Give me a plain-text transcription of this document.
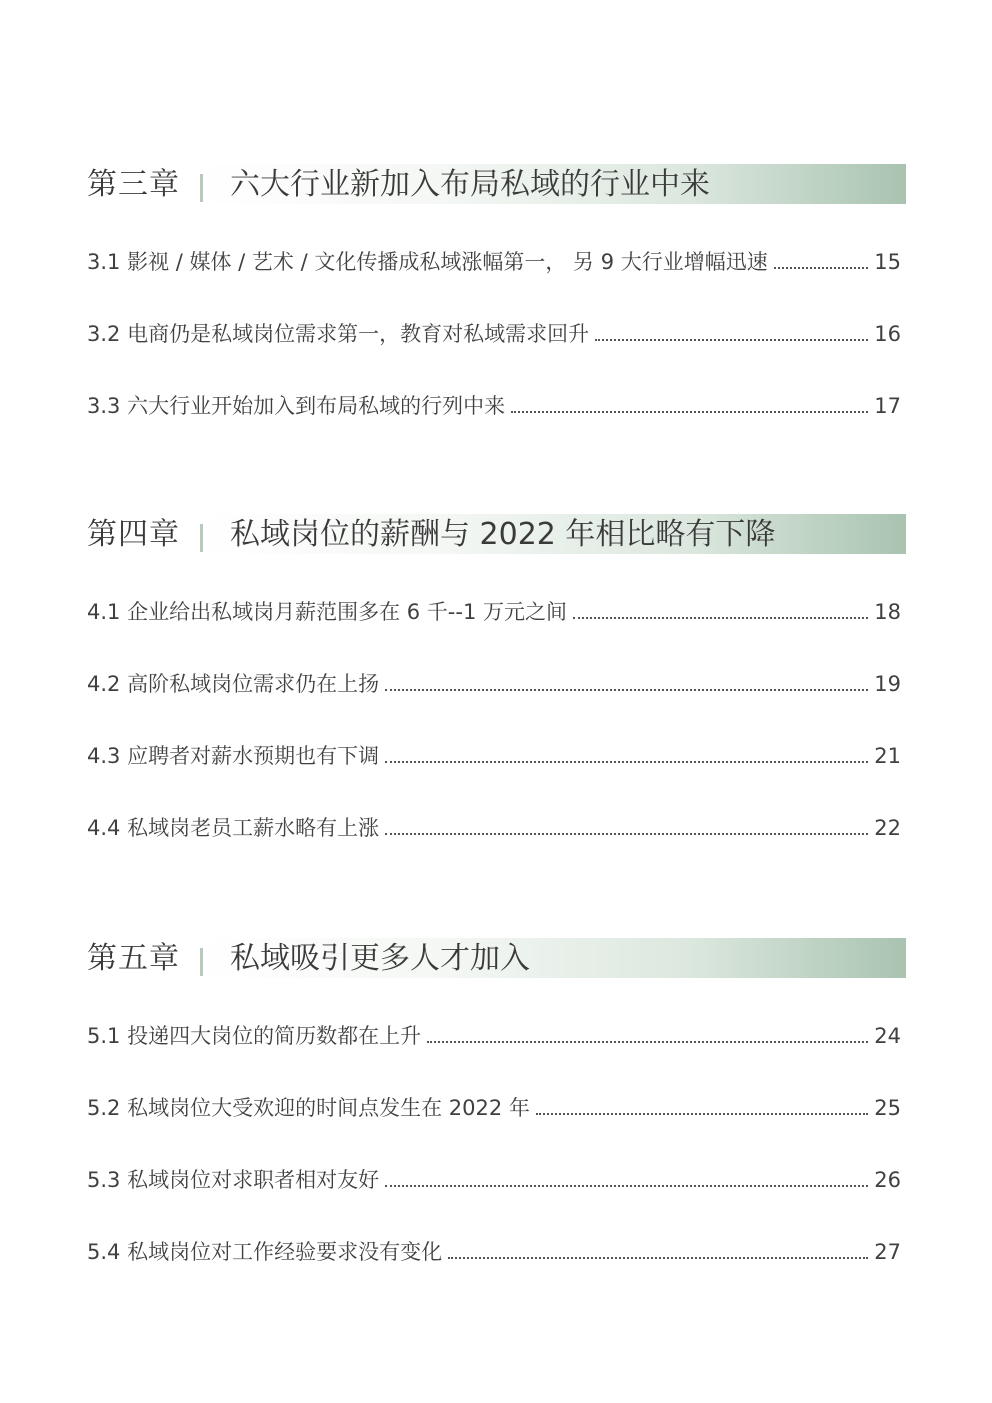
第三章 六大行业新加入布局私域的行业中来
3.1 影视 / 媒体 / 艺术 / 文化传播成私域涨幅第一， 另 9 大行业增幅迅速	15
3.2 电商仍是私域岗位需求第一，教育对私域需求回升	16
3.3 六大行业开始加入到布局私域的行列中来	17
第四章 私域岗位的薪酬与 2022 年相比略有下降
4.1 企业给出私域岗月薪范围多在 6 千--1 万元之间	18
4.2 高阶私域岗位需求仍在上扬	19
4.3 应聘者对薪水预期也有下调	21
4.4 私域岗老员工薪水略有上涨	22
第五章 私域吸引更多人才加入
5.1 投递四大岗位的简历数都在上升	24
5.2 私域岗位大受欢迎的时间点发生在 2022 年	25
5.3 私域岗位对求职者相对友好	26
5.4 私域岗位对工作经验要求没有变化	27
